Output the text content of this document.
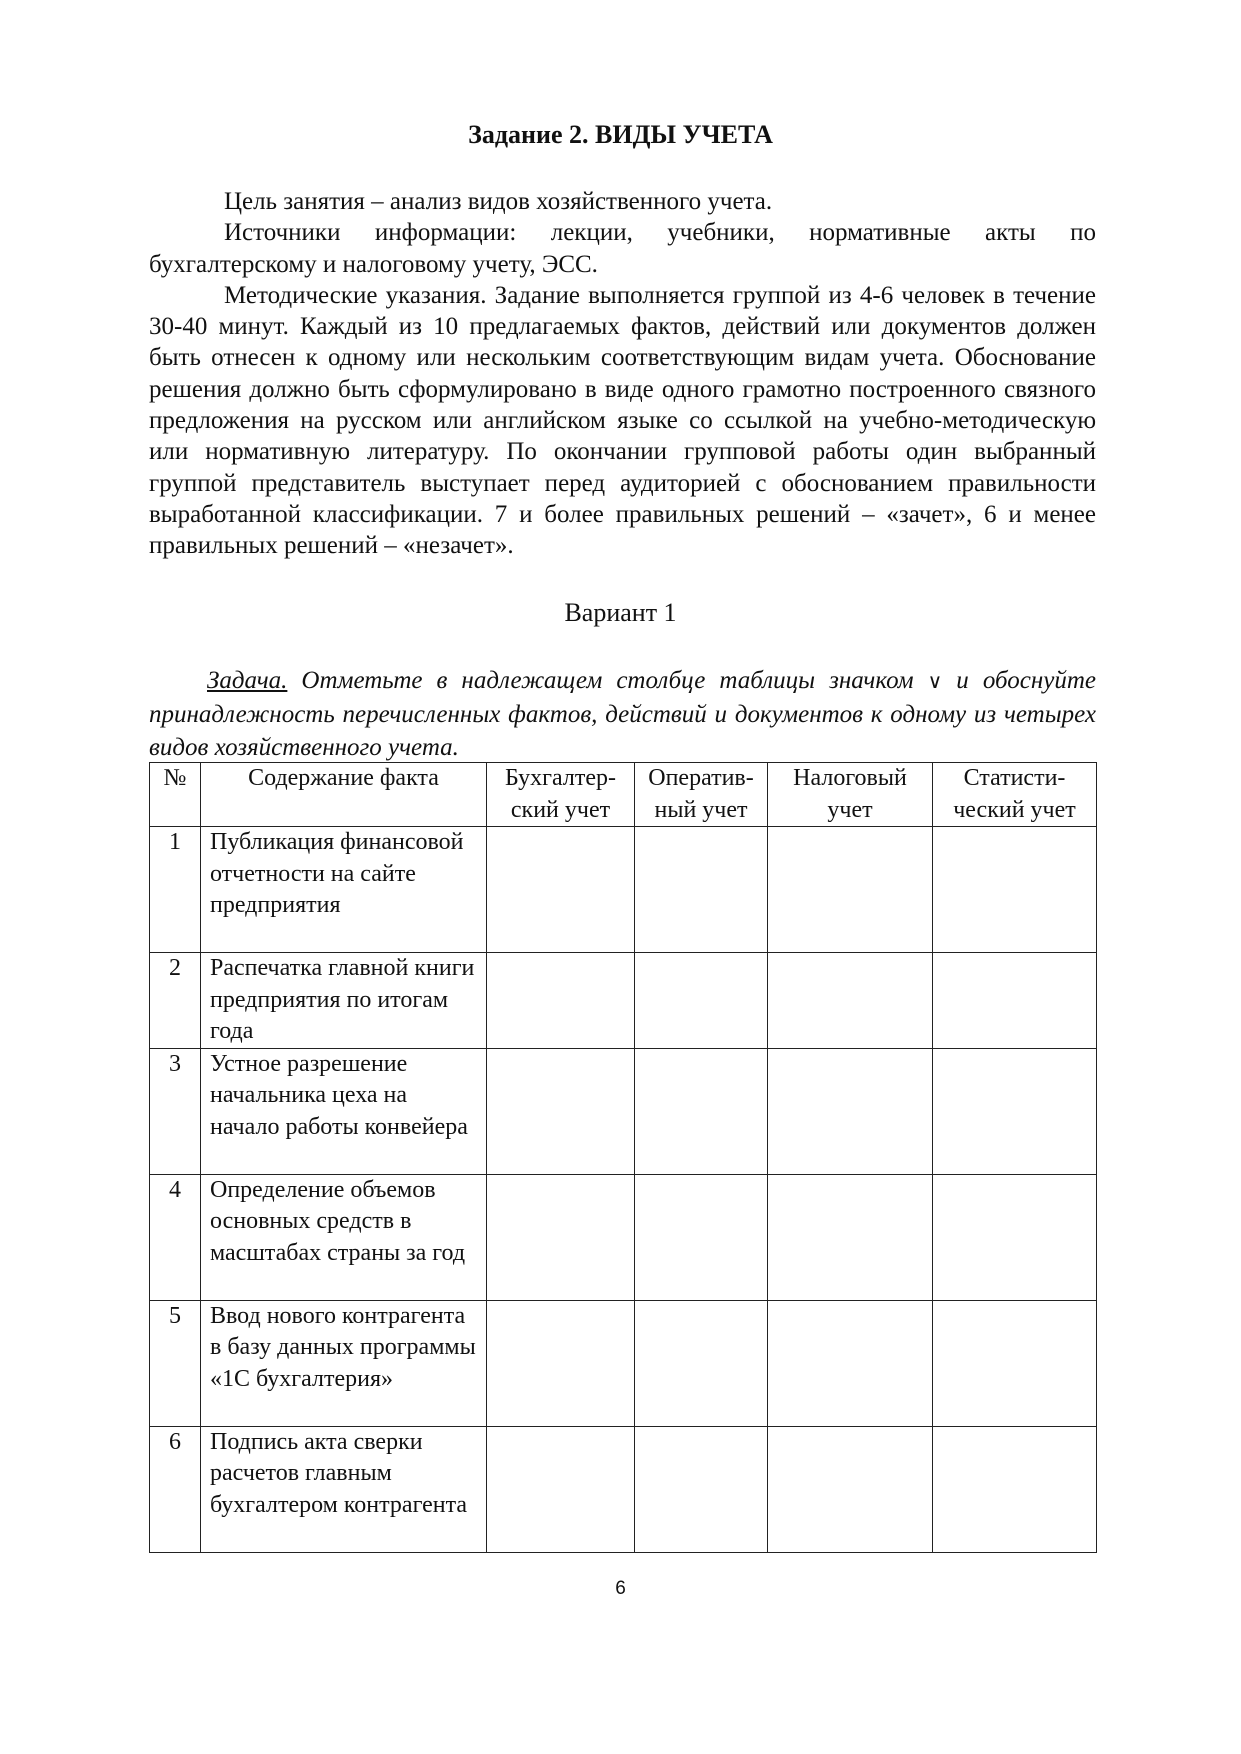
Задание 2. ВИДЫ УЧЕТА

Цель занятия – анализ видов хозяйственного учета.

Источники информации: лекции, учебники, нормативные акты по бухгалтерскому и налоговому учету, ЭСС.

Методические указания. Задание выполняется группой из 4-6 человек в течение 30-40 минут. Каждый из 10 предлагаемых фактов, действий или документов должен быть отнесен к одному или нескольким соответствующим видам учета. Обоснование решения должно быть сформулировано в виде одного грамотно построенного связного предложения на русском или английском языке со ссылкой на учебно-методическую или нормативную литературу. По окончании групповой работы один выбранный группой представитель выступает перед аудиторией с обоснованием правильности выработанной классификации. 7 и более правильных решений – «зачет», 6 и менее правильных решений – «незачет».

Вариант 1

Задача. Отметьте в надлежащем столбце таблицы значком ∨ и обоснуйте принадлежность перечисленных фактов, действий и документов к одному из четырех видов хозяйственного учета.

№	Содержание факта	Бухгалтер-ский учет	Оператив-ный учет	Налоговый учет	Статисти-ческий учет
1	Публикация финансовой отчетности на сайте предприятия				
2	Распечатка главной книги предприятия по итогам года				
3	Устное разрешение начальника цеха на начало работы конвейера				
4	Определение объемов основных средств в масштабах страны за год				
5	Ввод нового контрагента в базу данных программы «1С бухгалтерия»				
6	Подпись акта сверки расчетов главным бухгалтером контрагента				
6
